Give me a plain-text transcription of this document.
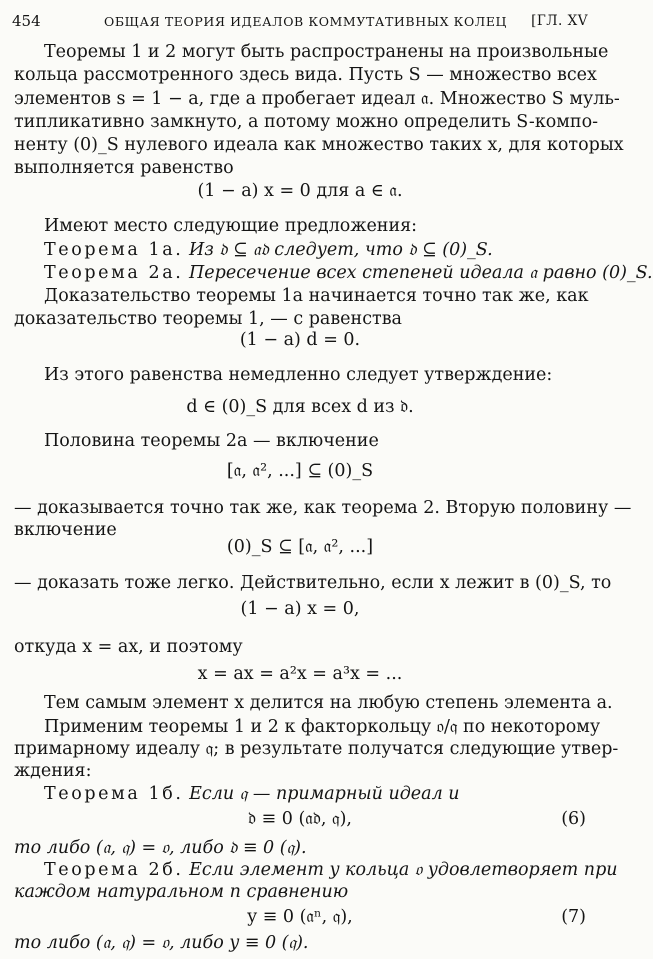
454	ОБЩАЯ ТЕОРИЯ ИДЕАЛОВ КОММУТАТИВНЫХ КОЛЕЦ [ГЛ. XV
Теоремы 1 и 2 могут быть распространены на произвольные
кольца рассмотренного здесь вида. Пусть S — множество всех
элементов s = 1 − a, где a пробегает идеал 𝔞. Множество S муль-
типликативно замкнуто, а потому можно определить S-компо-
ненту (0)_S нулевого идеала как множество таких x, для которых
выполняется равенство
(1 − a) x = 0 для a ∈ 𝔞.
Имеют место следующие предложения:
Теорема 1а. Из 𝔡 ⊆ 𝔞𝔡 следует, что 𝔡 ⊆ (0)_S.
Теорема 2а. Пересечение всех степеней идеала 𝔞 равно (0)_S.
Доказательство теоремы 1а начинается точно так же, как
доказательство теоремы 1, — с равенства
(1 − a) d = 0.
Из этого равенства немедленно следует утверждение:
d ∈ (0)_S для всех d из 𝔡.
Половина теоремы 2а — включение
[𝔞, 𝔞², ...] ⊆ (0)_S
— доказывается точно так же, как теорема 2. Вторую половину —
включение
(0)_S ⊆ [𝔞, 𝔞², ...]
— доказать тоже легко. Действительно, если x лежит в (0)_S, то
(1 − a) x = 0,
откуда x = ax, и поэтому
x = ax = a²x = a³x = ...
Тем самым элемент x делится на любую степень элемента a.
Применим теоремы 1 и 2 к факторкольцу 𝔬/𝔮 по некоторому
примарному идеалу 𝔮; в результате получатся следующие утвер-
ждения:
Теорема 1б. Если 𝔮 — примарный идеал и
𝔡 ≡ 0 (𝔞𝔡, 𝔮),	(6)
то либо (𝔞, 𝔮) = 𝔬, либо 𝔡 ≡ 0 (𝔮).
Теорема 2б. Если элемент y кольца 𝔬 удовлетворяет при
каждом натуральном n сравнению
y ≡ 0 (𝔞ⁿ, 𝔮),	(7)
то либо (𝔞, 𝔮) = 𝔬, либо y ≡ 0 (𝔮).
